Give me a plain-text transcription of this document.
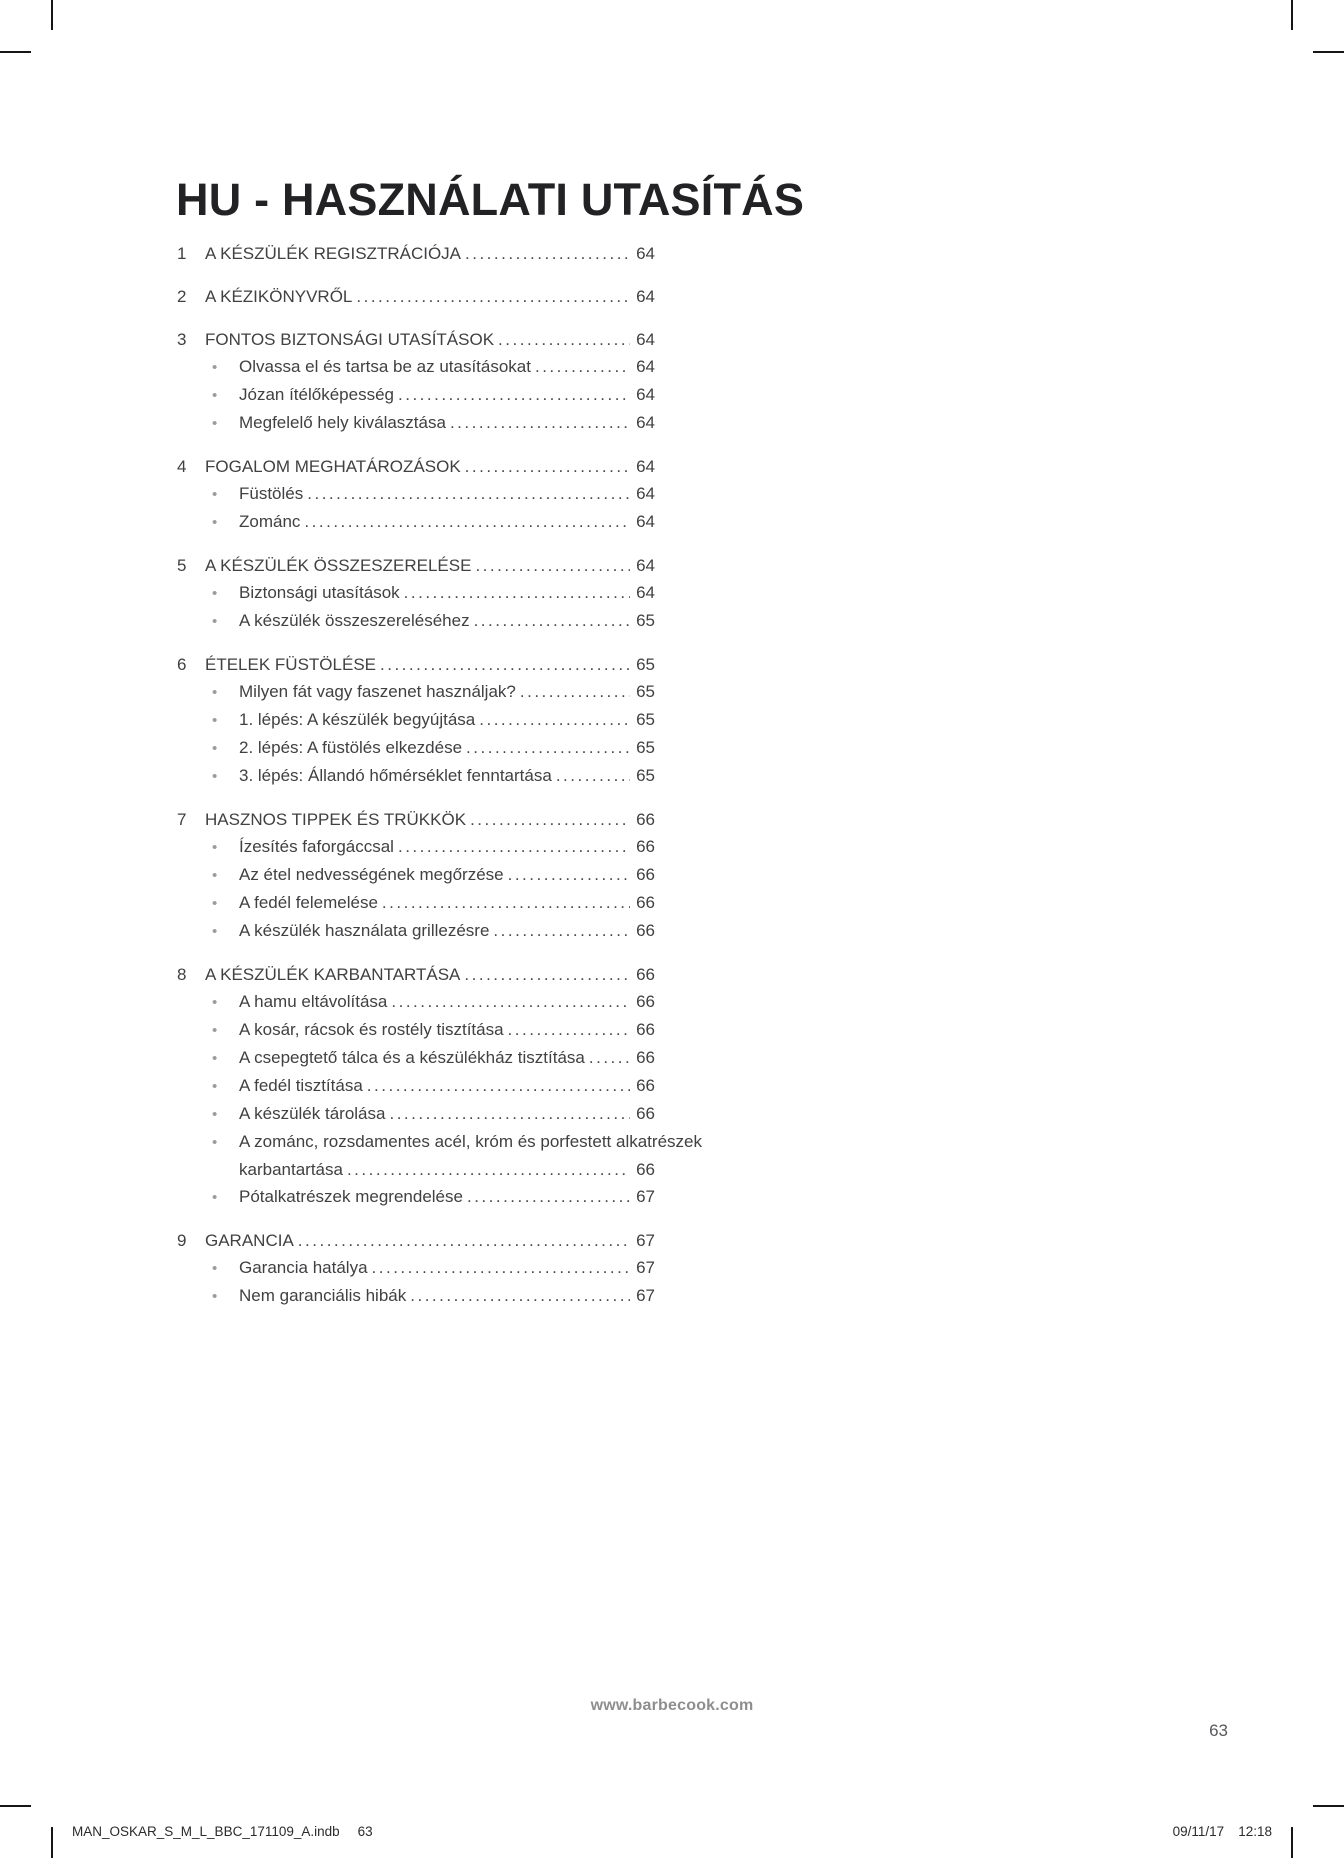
HU - HASZNÁLATI UTASÍTÁS
1	A KÉSZÜLÉK REGISZTRÁCIÓJA .....	64
2	A KÉZIKÖNYVRŐL .....	64
3	FONTOS BIZTONSÁGI UTASÍTÁSOK .....	64
•	Olvassa el és tartsa be az utasításokat .....	64
•	Józan ítélőképesség .....	64
•	Megfelelő hely kiválasztása .....	64
4	FOGALOM MEGHATÁROZÁSOK .....	64
•	Füstölés .....	64
•	Zománc .....	64
5	A KÉSZÜLÉK ÖSSZESZERELÉSE .....	64
•	Biztonsági utasítások .....	64
•	A készülék összeszereléséhez .....	65
6	ÉTELEK FÜSTÖLÉSE .....	65
•	Milyen fát vagy faszenet használjak? .....	65
•	1. lépés: A készülék begyújtása .....	65
•	2. lépés: A füstölés elkezdése .....	65
•	3. lépés: Állandó hőmérséklet fenntartása .....	65
7	HASZNOS TIPPEK ÉS TRÜKKÖK .....	66
•	Ízesítés faforgáccsal .....	66
•	Az étel nedvességének megőrzése .....	66
•	A fedél felemelése .....	66
•	A készülék használata grillezésre .....	66
8	A KÉSZÜLÉK KARBANTARTÁSA .....	66
•	A hamu eltávolítása .....	66
•	A kosár, rácsok és rostély tisztítása .....	66
•	A csepegtető tálca és a készülékház tisztítása .....	66
•	A fedél tisztítása .....	66
•	A készülék tárolása .....	66
•	A zománc, rozsdamentes acél, króm és porfestett alkatrészek
karbantartása .....	66
•	Pótalkatrészek megrendelése .....	67
9	GARANCIA .....	67
•	Garancia hatálya .....	67
•	Nem garanciális hibák .....	67
www.barbecook.com
63
MAN_OSKAR_S_M_L_BBC_171109_A.indb 63	09/11/17 12:18
